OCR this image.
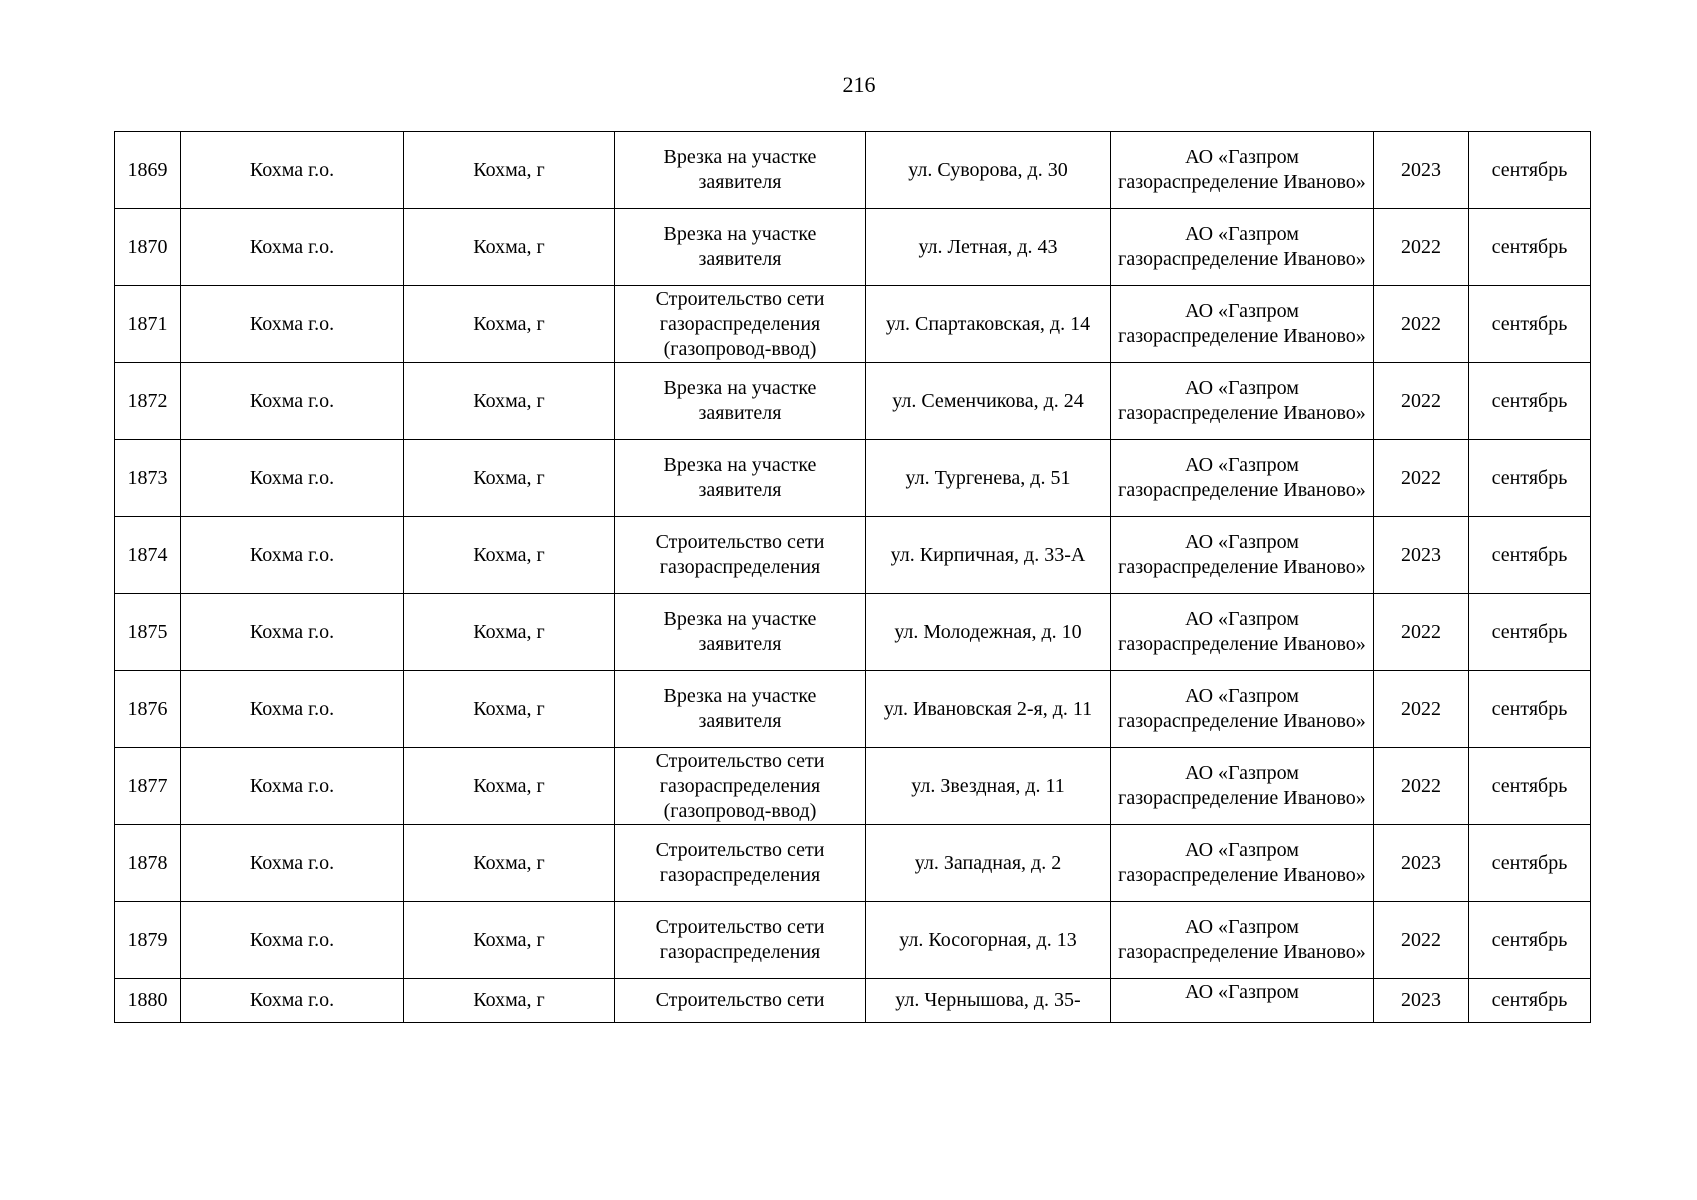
216
1869	Кохма г.о.	Кохма, г	Врезка на участке заявителя	ул. Суворова, д. 30	АО «Газпром газораспределение Иваново»	2023	сентябрь
1870	Кохма г.о.	Кохма, г	Врезка на участке заявителя	ул. Летная, д. 43	АО «Газпром газораспределение Иваново»	2022	сентябрь
1871	Кохма г.о.	Кохма, г	Строительство сети газораспределения (газопровод-ввод)	ул. Спартаковская, д. 14	АО «Газпром газораспределение Иваново»	2022	сентябрь
1872	Кохма г.о.	Кохма, г	Врезка на участке заявителя	ул. Семенчикова, д. 24	АО «Газпром газораспределение Иваново»	2022	сентябрь
1873	Кохма г.о.	Кохма, г	Врезка на участке заявителя	ул. Тургенева, д. 51	АО «Газпром газораспределение Иваново»	2022	сентябрь
1874	Кохма г.о.	Кохма, г	Строительство сети газораспределения	ул. Кирпичная, д. 33-А	АО «Газпром газораспределение Иваново»	2023	сентябрь
1875	Кохма г.о.	Кохма, г	Врезка на участке заявителя	ул. Молодежная, д. 10	АО «Газпром газораспределение Иваново»	2022	сентябрь
1876	Кохма г.о.	Кохма, г	Врезка на участке заявителя	ул. Ивановская 2-я, д. 11	АО «Газпром газораспределение Иваново»	2022	сентябрь
1877	Кохма г.о.	Кохма, г	Строительство сети газораспределения (газопровод-ввод)	ул. Звездная, д. 11	АО «Газпром газораспределение Иваново»	2022	сентябрь
1878	Кохма г.о.	Кохма, г	Строительство сети газораспределения	ул. Западная, д. 2	АО «Газпром газораспределение Иваново»	2023	сентябрь
1879	Кохма г.о.	Кохма, г	Строительство сети газораспределения	ул. Косогорная, д. 13	АО «Газпром газораспределение Иваново»	2022	сентябрь
1880	Кохма г.о.	Кохма, г	Строительство сети	ул. Чернышова, д. 35-	АО «Газпром	2023	сентябрь
